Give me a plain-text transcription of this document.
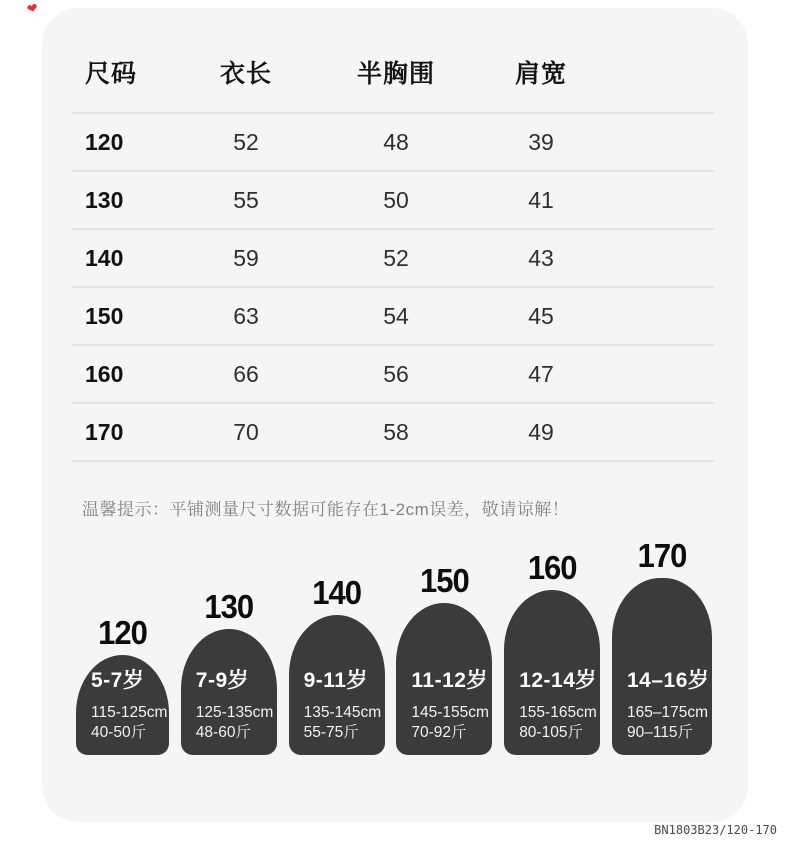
❤
尺码	衣长	半胸围	肩宽	
120	52	48	39	
130	55	50	41	
140	59	52	43	
150	63	54	45	
160	66	56	47	
170	70	58	49	
温馨提示：平铺测量尺寸数据可能存在1-2cm误差，敬请谅解！
120
5-7岁
115-125cm
40-50斤
130
7-9岁
125-135cm
48-60斤
140
9-11岁
135-145cm
55-75斤
150
11-12岁
145-155cm
70-92斤
160
12-14岁
155-165cm
80-105斤
170
14–16岁
165–175cm
90–115斤
BN1803B23/120-170
